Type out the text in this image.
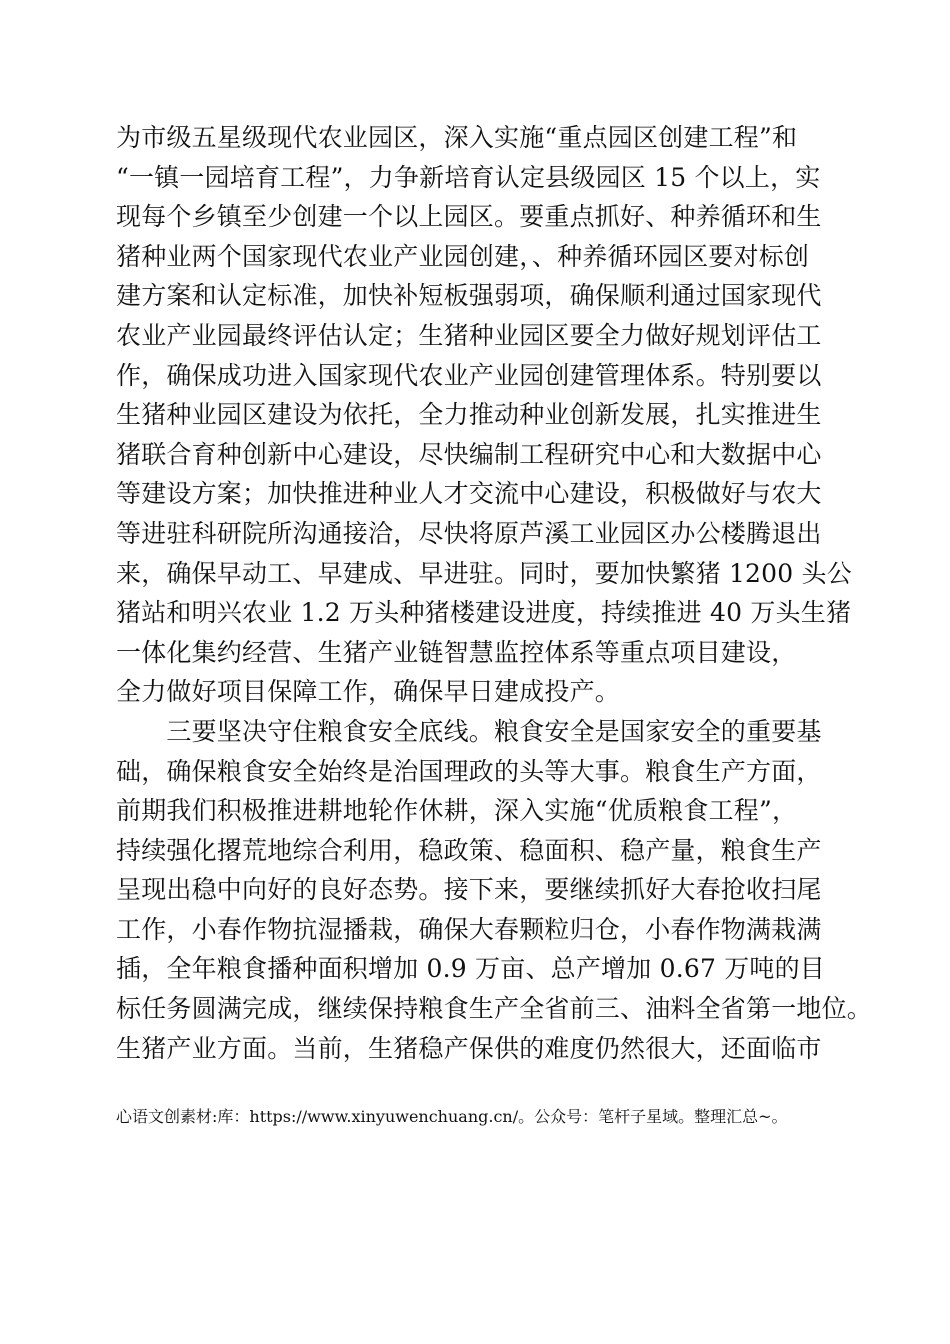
为市级五星级现代农业园区，深入实施“重点园区创建工程”和
“一镇一园培育工程”，力争新培育认定县级园区 15 个以上，实
现每个乡镇至少创建一个以上园区。要重点抓好、种养循环和生
猪种业两个国家现代农业产业园创建，、种养循环园区要对标创
建方案和认定标准，加快补短板强弱项，确保顺利通过国家现代
农业产业园最终评估认定；生猪种业园区要全力做好规划评估工
作，确保成功进入国家现代农业产业园创建管理体系。特别要以
生猪种业园区建设为依托，全力推动种业创新发展，扎实推进生
猪联合育种创新中心建设，尽快编制工程研究中心和大数据中心
等建设方案；加快推进种业人才交流中心建设，积极做好与农大
等进驻科研院所沟通接洽，尽快将原芦溪工业园区办公楼腾退出
来，确保早动工、早建成、早进驻。同时，要加快繁猪 1200 头公
猪站和明兴农业 1.2 万头种猪楼建设进度，持续推进 40 万头生猪
一体化集约经营、生猪产业链智慧监控体系等重点项目建设，
全力做好项目保障工作，确保早日建成投产。
　　三要坚决守住粮食安全底线。粮食安全是国家安全的重要基
础，确保粮食安全始终是治国理政的头等大事。粮食生产方面，
前期我们积极推进耕地轮作休耕，深入实施“优质粮食工程”，
持续强化撂荒地综合利用，稳政策、稳面积、稳产量，粮食生产
呈现出稳中向好的良好态势。接下来，要继续抓好大春抢收扫尾
工作，小春作物抗湿播栽，确保大春颗粒归仓，小春作物满栽满
插，全年粮食播种面积增加 0.9 万亩、总产增加 0.67 万吨的目
标任务圆满完成，继续保持粮食生产全省前三、油料全省第一地位。
生猪产业方面。当前，生猪稳产保供的难度仍然很大，还面临市
心语文创素材:库：https://www.xinyuwenchuang.cn/。公众号：笔杆子星域。整理汇总~。
